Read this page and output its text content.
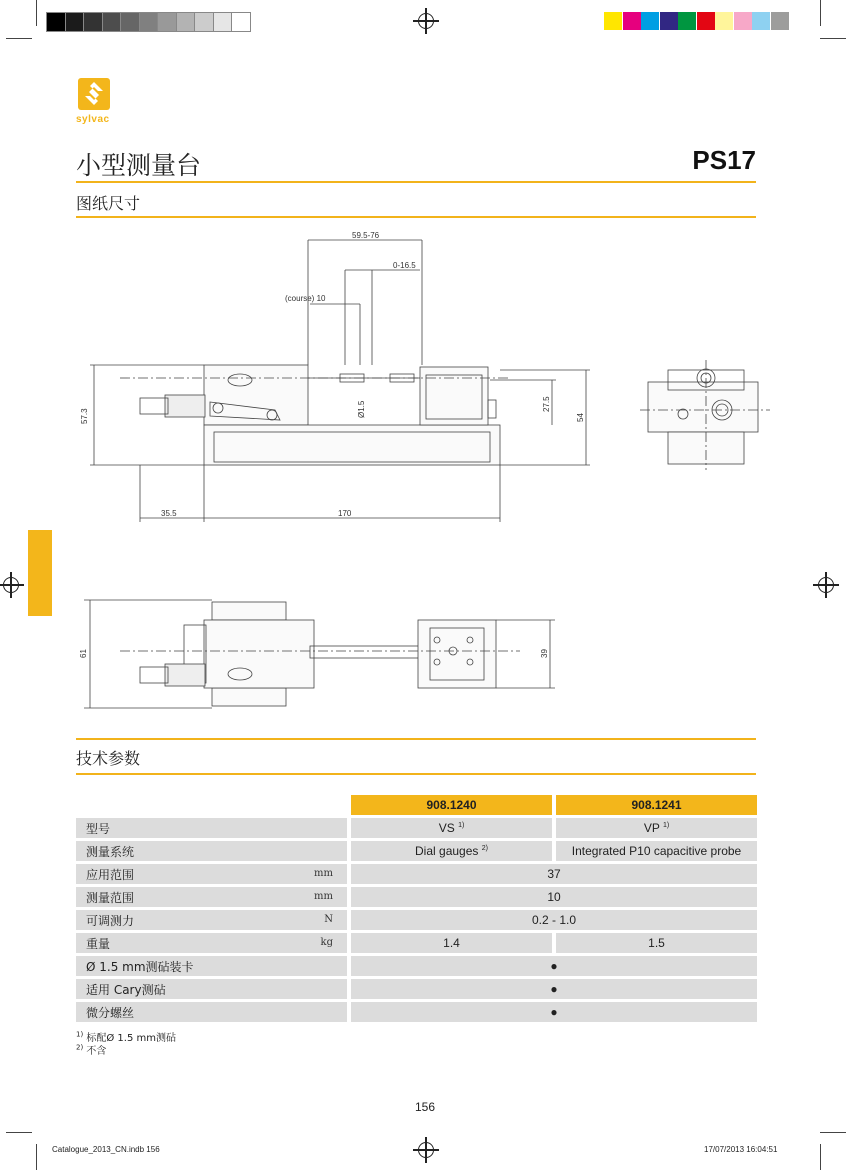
sylvac
小型测量台	PS17
图纸尺寸
59.5-76
0-16.5
(course) 10
Ø1.5	27.5
54
57.3
35.5	170
61	39
技术参数
		908.1240		908.1241
型号		VS $^{1)}$		VP $^{1)}$
测量系统		Dial gauges $^{2)}$		Integrated P10 capacitive probe
应用范围 mm		37		
测量范围 mm		10		
可调测力 N		0.2 - 1.0		
重量 kg		1.4		1.5
Ø 1.5 mm测砧装卡		●		
适用 Cary测砧		●		
微分螺丝		●		
$^{1)}$ 标配Ø 1.5 mm测砧
$^{2)}$ 不含
156
Catalogue_2013_CN.indb 156	17/07/2013 16:04:51
